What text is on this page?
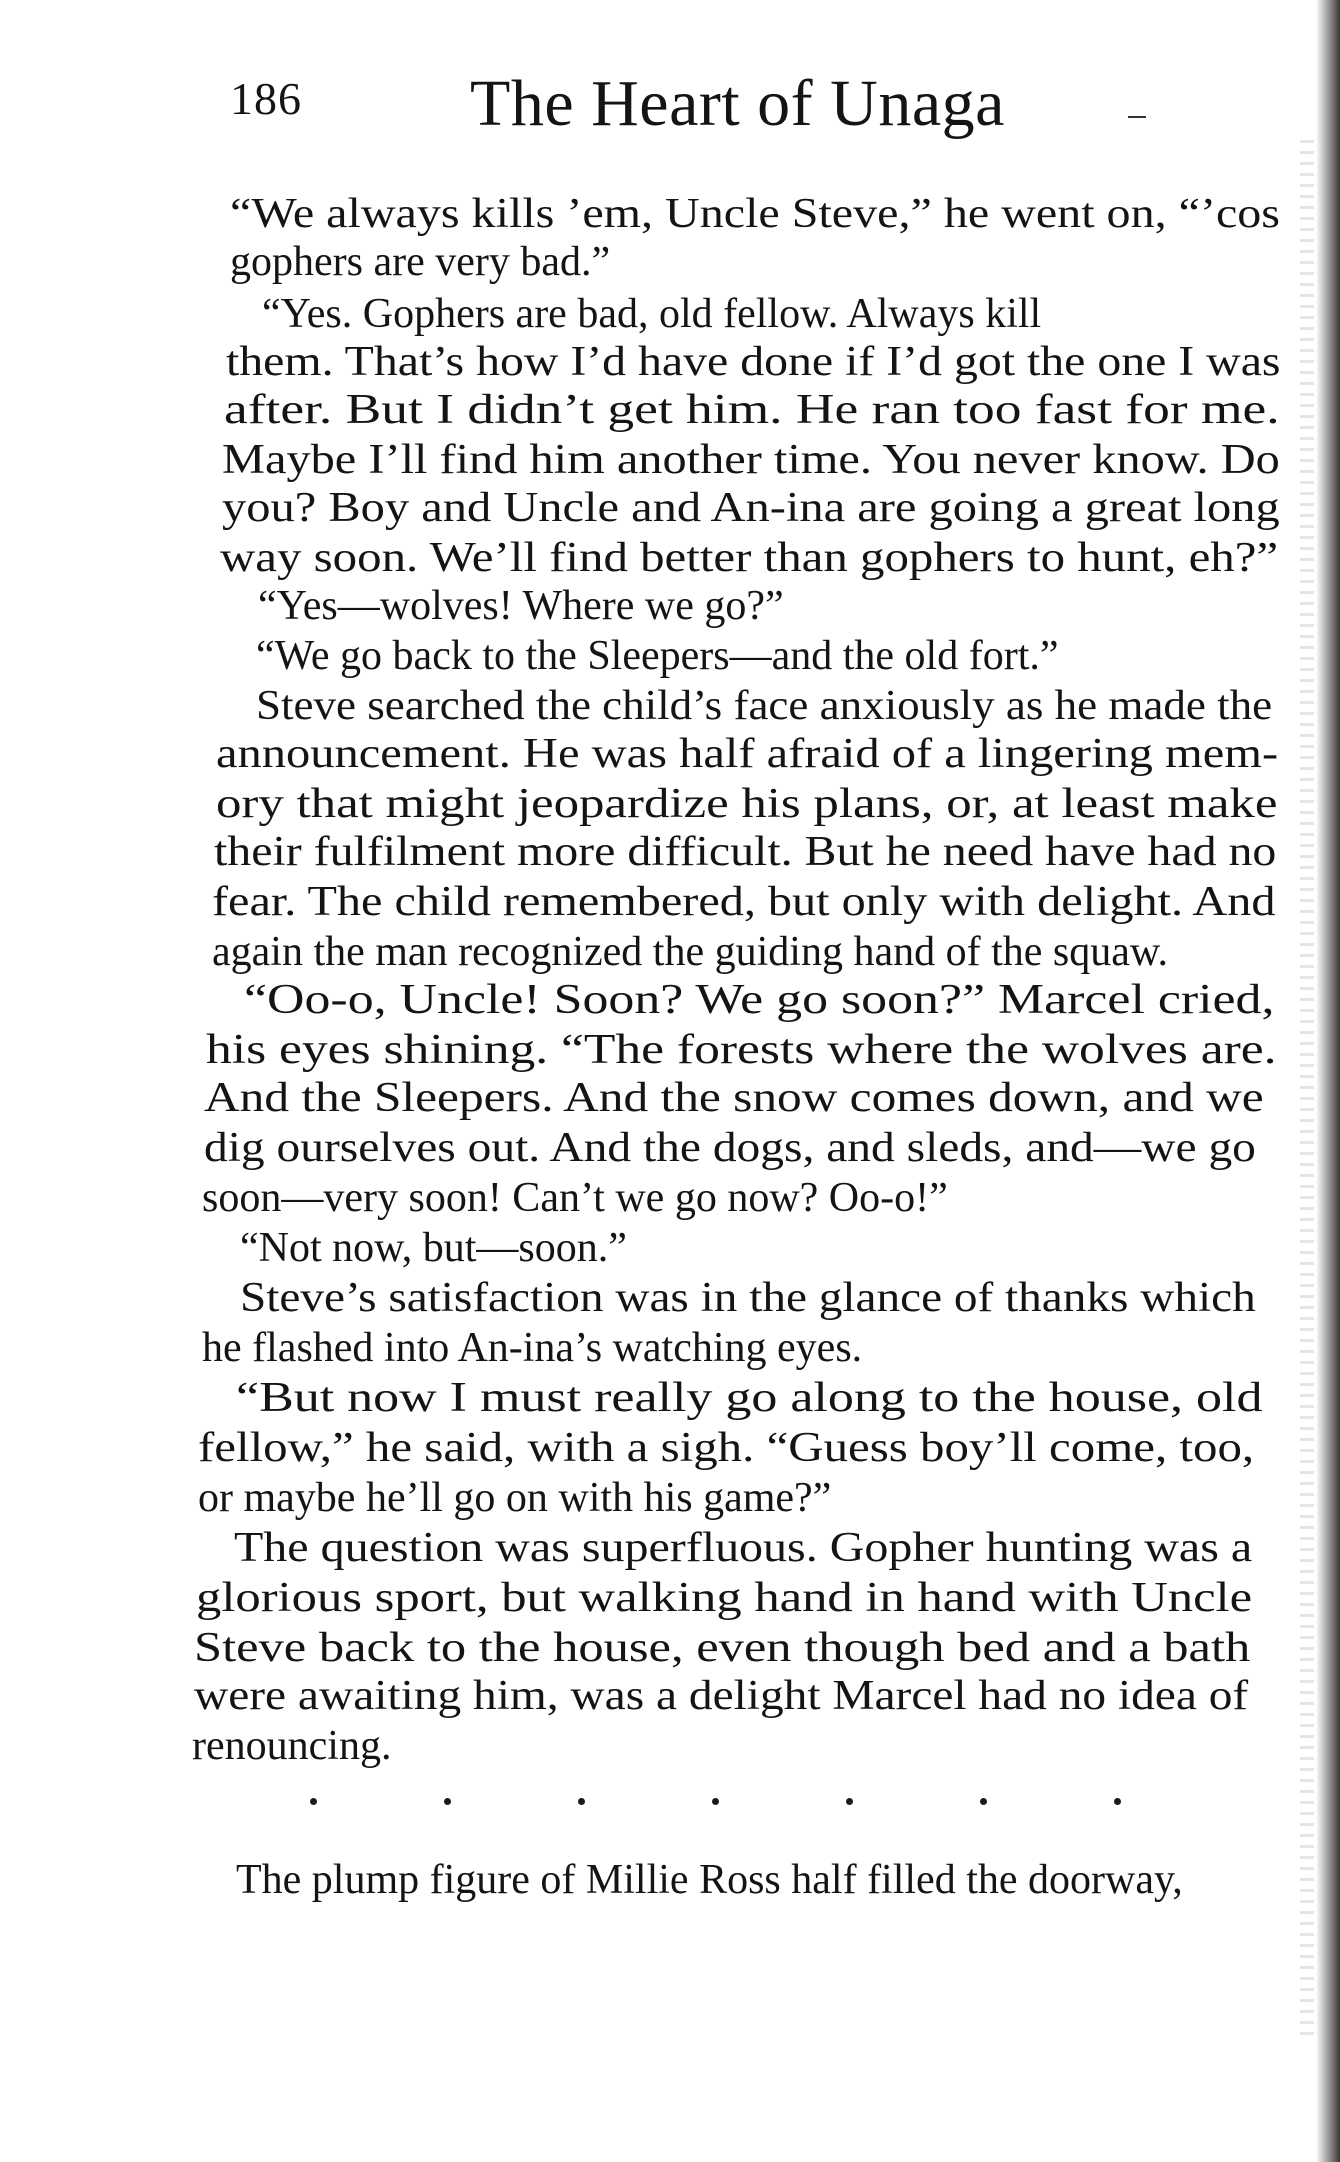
186	The Heart of Unaga
“We always kills ’em, Uncle Steve,” he went on, “’cos
gophers are very bad.”
“Yes. Gophers are bad, old fellow. Always kill
them. That’s how I’d have done if I’d got the one I was
after. But I didn’t get him. He ran too fast for me.
Maybe I’ll find him another time. You never know. Do
you? Boy and Uncle and An-ina are going a great long
way soon. We’ll find better than gophers to hunt, eh?”
“Yes—wolves! Where we go?”
“We go back to the Sleepers—and the old fort.”
Steve searched the child’s face anxiously as he made the
announcement. He was half afraid of a lingering mem-
ory that might jeopardize his plans, or, at least make
their fulfilment more difficult. But he need have had no
fear. The child remembered, but only with delight. And
again the man recognized the guiding hand of the squaw.
“Oo-o, Uncle! Soon? We go soon?” Marcel cried,
his eyes shining. “The forests where the wolves are.
And the Sleepers. And the snow comes down, and we
dig ourselves out. And the dogs, and sleds, and—we go
soon—very soon! Can’t we go now? Oo-o!”
“Not now, but—soon.”
Steve’s satisfaction was in the glance of thanks which
he flashed into An-ina’s watching eyes.
“But now I must really go along to the house, old
fellow,” he said, with a sigh. “Guess boy’ll come, too,
or maybe he’ll go on with his game?”
The question was superfluous. Gopher hunting was a
glorious sport, but walking hand in hand with Uncle
Steve back to the house, even though bed and a bath
were awaiting him, was a delight Marcel had no idea of
renouncing.
The plump figure of Millie Ross half filled the doorway,
